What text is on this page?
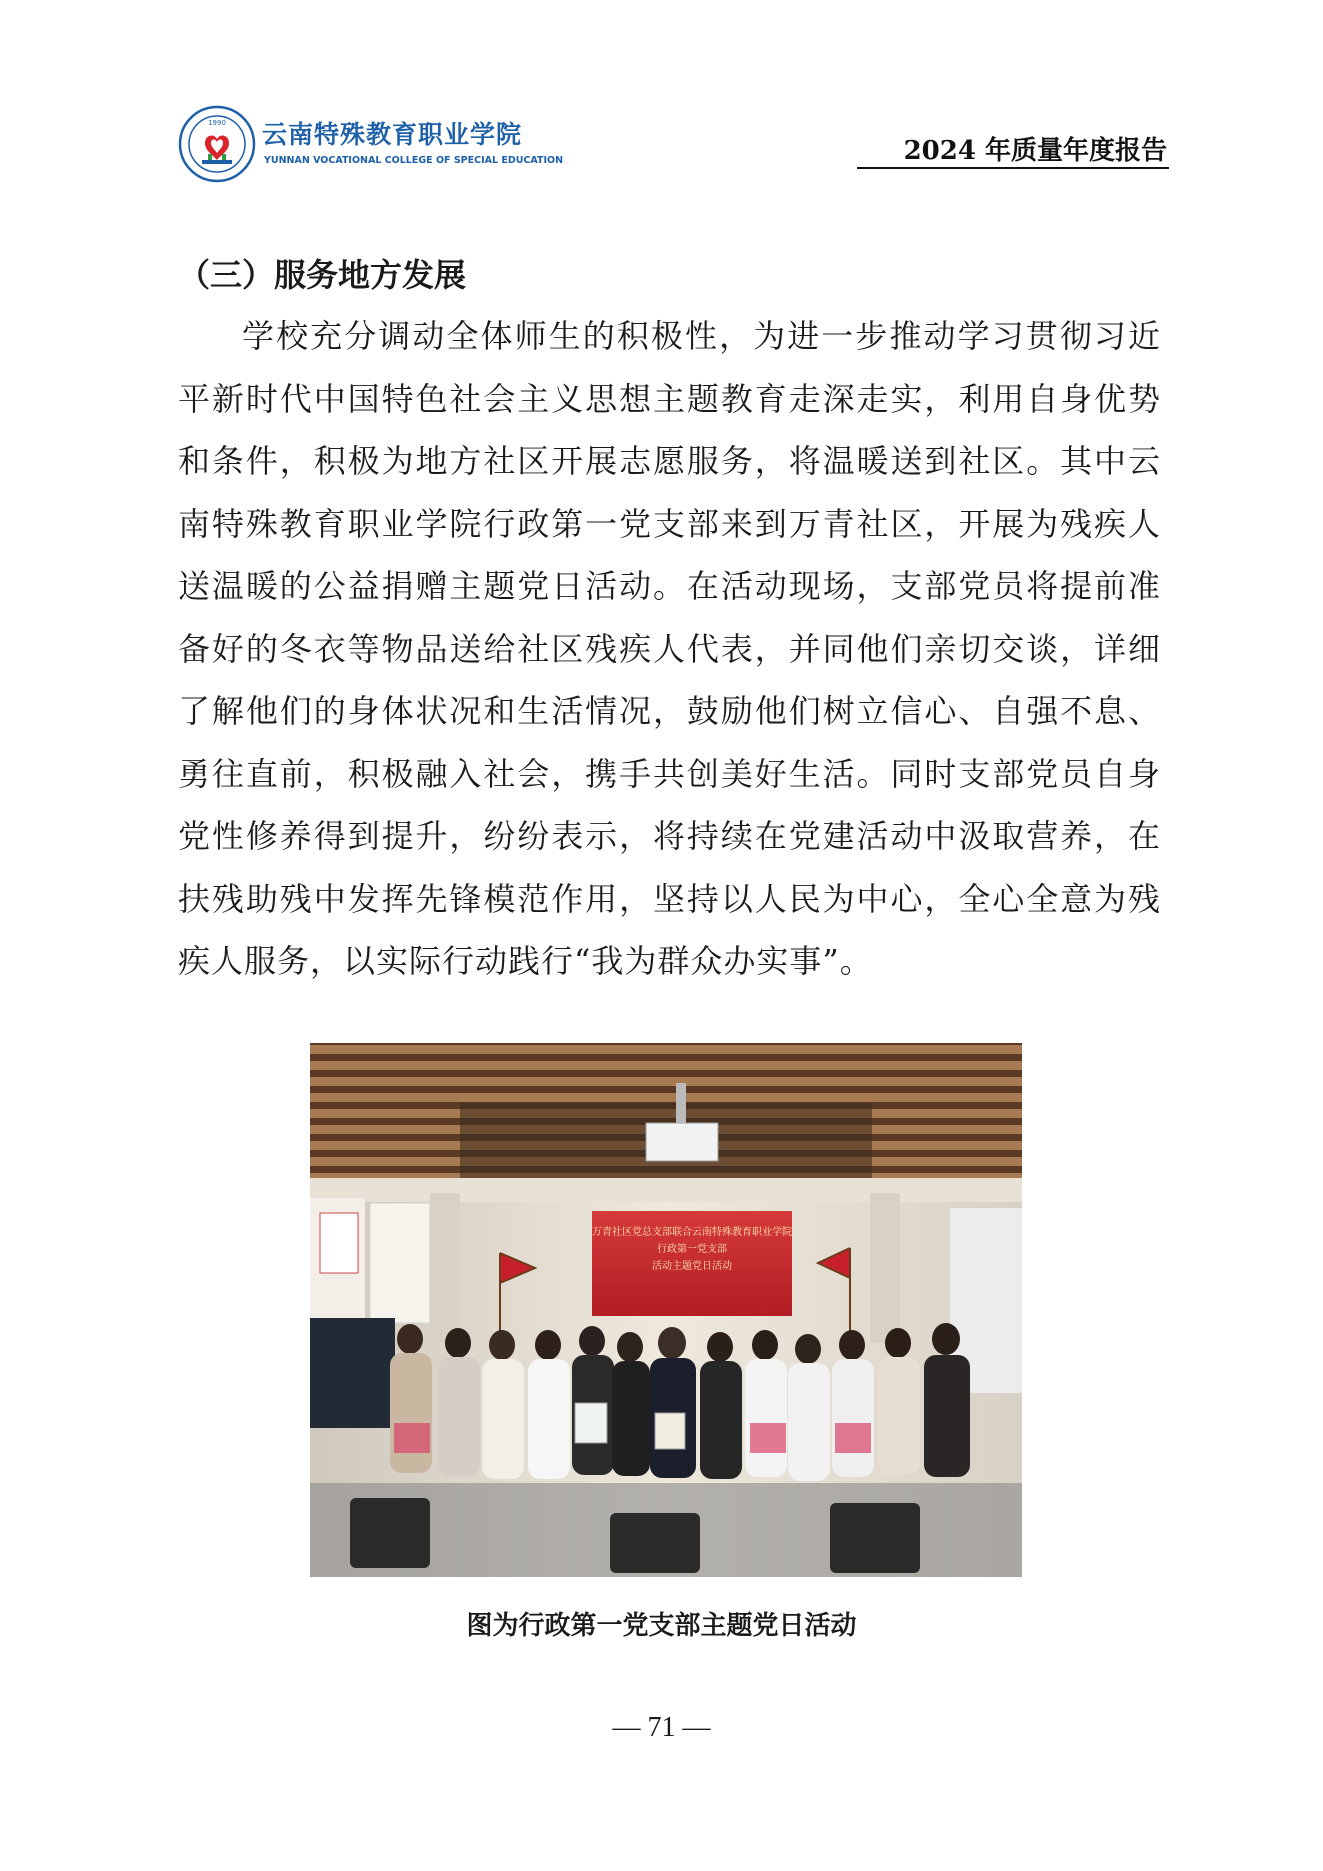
1990 云南特殊教育职业学院
YUNNAN VOCATIONAL COLLEGE OF SPECIAL EDUCATION	2024 年质量年度报告
（三）服务地方发展

学校充分调动全体师生的积极性，为进一步推动学习贯彻习近平新时代中国特色社会主义思想主题教育走深走实，利用自身优势和条件，积极为地方社区开展志愿服务，将温暖送到社区。其中云南特殊教育职业学院行政第一党支部来到万青社区，开展为残疾人送温暖的公益捐赠主题党日活动。在活动现场，支部党员将提前准备好的冬衣等物品送给社区残疾人代表，并同他们亲切交谈，详细了解他们的身体状况和生活情况，鼓励他们树立信心、自强不息、勇往直前，积极融入社会，携手共创美好生活。同时支部党员自身党性修养得到提升，纷纷表示，将持续在党建活动中汲取营养，在扶残助残中发挥先锋模范作用，坚持以人民为中心，全心全意为残疾人服务，以实际行动践行“我为群众办实事”。

万青社区党总支部联合云南特殊教育职业学院
行政第一党支部
活动主题党日活动
图为行政第一党支部主题党日活动
— 71 —
